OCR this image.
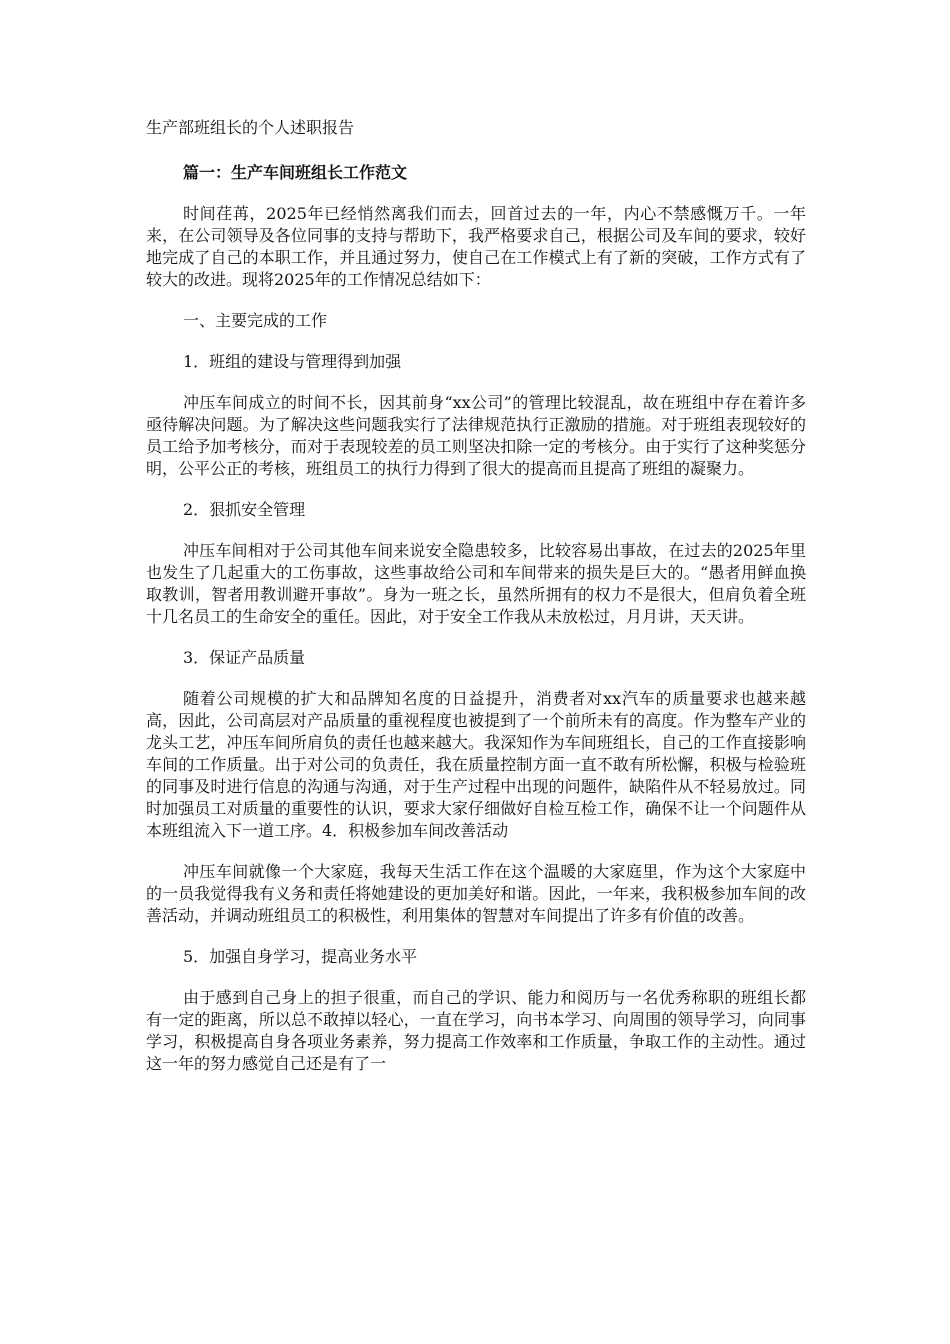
生产部班组长的个人述职报告

篇一：生产车间班组长工作范文

时间荏苒，2025年已经悄然离我们而去，回首过去的一年，内心不禁感慨万千。一年来，在公司领导及各位同事的支持与帮助下，我严格要求自己，根据公司及车间的要求，较好地完成了自己的本职工作，并且通过努力，使自己在工作模式上有了新的突破，工作方式有了较大的改进。现将2025年的工作情况总结如下：

一、主要完成的工作

1．班组的建设与管理得到加强

冲压车间成立的时间不长，因其前身“xx公司”的管理比较混乱，故在班组中存在着许多亟待解决问题。为了解决这些问题我实行了法律规范执行正激励的措施。对于班组表现较好的员工给予加考核分，而对于表现较差的员工则坚决扣除一定的考核分。由于实行了这种奖惩分明，公平公正的考核，班组员工的执行力得到了很大的提高而且提高了班组的凝聚力。

2．狠抓安全管理

冲压车间相对于公司其他车间来说安全隐患较多，比较容易出事故，在过去的2025年里也发生了几起重大的工伤事故，这些事故给公司和车间带来的损失是巨大的。“愚者用鲜血换取教训，智者用教训避开事故”。身为一班之长，虽然所拥有的权力不是很大，但肩负着全班十几名员工的生命安全的重任。因此，对于安全工作我从未放松过，月月讲，天天讲。

3．保证产品质量

随着公司规模的扩大和品牌知名度的日益提升，消费者对xx汽车的质量要求也越来越高，因此，公司高层对产品质量的重视程度也被提到了一个前所未有的高度。作为整车产业的龙头工艺，冲压车间所肩负的责任也越来越大。我深知作为车间班组长，自己的工作直接影响车间的工作质量。出于对公司的负责任，我在质量控制方面一直不敢有所松懈，积极与检验班的同事及时进行信息的沟通与沟通，对于生产过程中出现的问题件，缺陷件从不轻易放过。同时加强员工对质量的重要性的认识，要求大家仔细做好自检互检工作，确保不让一个问题件从本班组流入下一道工序。4．积极参加车间改善活动

冲压车间就像一个大家庭，我每天生活工作在这个温暖的大家庭里，作为这个大家庭中的一员我觉得我有义务和责任将她建设的更加美好和谐。因此，一年来，我积极参加车间的改善活动，并调动班组员工的积极性，利用集体的智慧对车间提出了许多有价值的改善。

5．加强自身学习，提高业务水平

由于感到自己身上的担子很重，而自己的学识、能力和阅历与一名优秀称职的班组长都有一定的距离，所以总不敢掉以轻心，一直在学习，向书本学习、向周围的领导学习，向同事学习，积极提高自身各项业务素养，努力提高工作效率和工作质量，争取工作的主动性。通过这一年的努力感觉自己还是有了一
